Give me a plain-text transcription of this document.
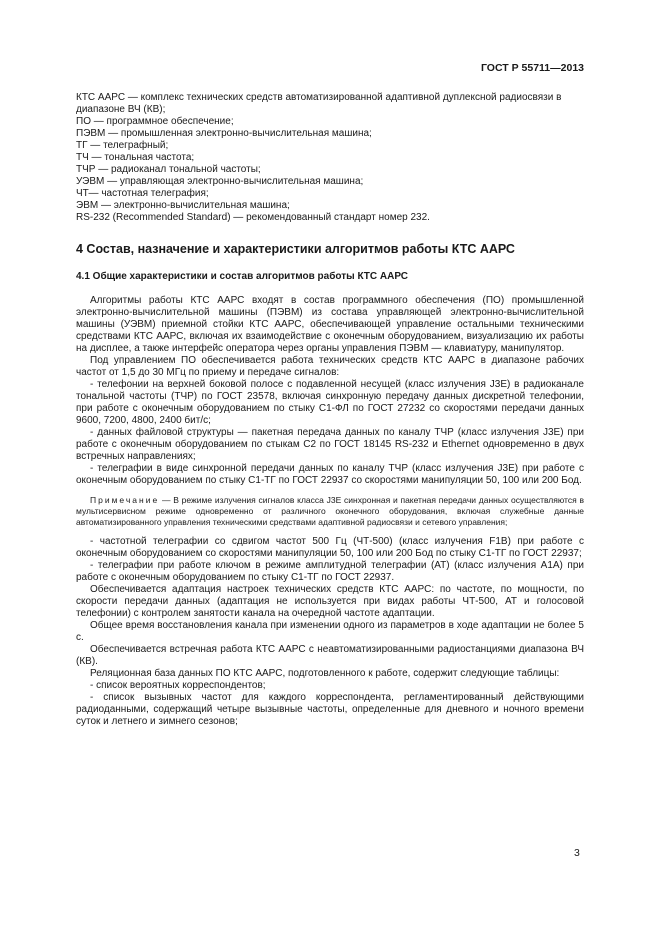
ГОСТ Р 55711—2013

КТС ААРС — комплекс технических средств автоматизированной адаптивной дуплексной радиосвязи в диапазоне ВЧ (КВ);

ПО — программное обеспечение;

ПЭВМ — промышленная электронно-вычислительная машина;

ТГ — телеграфный;

ТЧ — тональная частота;

ТЧР — радиоканал тональной частоты;

УЭВМ — управляющая электронно-вычислительная машина;

ЧТ— частотная телеграфия;

ЭВМ — электронно-вычислительная машина;

RS-232 (Recommended Standard) — рекомендованный стандарт номер 232.

4 Состав, назначение и характеристики алгоритмов работы КТС ААРС
4.1 Общие характеристики и состав алгоритмов работы КТС ААРС

Алгоритмы работы КТС ААРС входят в состав программного обеспечения (ПО) промышленной электронно-вычислительной машины (ПЭВМ) из состава управляющей электронно-вычислительной машины (УЭВМ) приемной стойки КТС ААРС, обеспечивающей управление остальными техническими средствами КТС ААРС, включая их взаимодействие с оконечным оборудованием, визуализацию их работы на дисплее, а также интерфейс оператора через органы управления ПЭВМ — клавиатуру, манипулятор.

Под управлением ПО обеспечивается работа технических средств КТС ААРС в диапазоне рабочих частот от 1,5 до 30 МГц по приему и передаче сигналов:

- телефонии на верхней боковой полосе с подавленной несущей (класс излучения J3E) в радиоканале тональной частоты (ТЧР) по ГОСТ 23578, включая синхронную передачу данных дискретной телефонии, при работе с оконечным оборудованием по стыку С1-ФЛ по ГОСТ 27232 со скоростями передачи данных 9600, 7200, 4800, 2400 бит/с;

- данных файловой структуры — пакетная передача данных по каналу ТЧР (класс излучения J3E) при работе с оконечным оборудованием по стыкам С2 по ГОСТ 18145 RS-232 и Ethernet одновременно в двух встречных направлениях;

- телеграфии в виде синхронной передачи данных по каналу ТЧР (класс излучения J3E) при работе с оконечным оборудованием по стыку С1-ТГ по ГОСТ 22937 со скоростями манипуляции 50, 100 или 200 Бод.

Примечание — В режиме излучения сигналов класса J3E синхронная и пакетная передачи данных осуществляются в мультисервисном режиме одновременно от различного оконечного оборудования, включая служебные данные автоматизированного управления техническими средствами адаптивной радиосвязи и сетевого управления;

- частотной телеграфии со сдвигом частот 500 Гц (ЧТ-500) (класс излучения F1B) при работе с оконечным оборудованием со скоростями манипуляции 50, 100 или 200 Бод по стыку С1-ТГ по ГОСТ 22937;

- телеграфии при работе ключом в режиме амплитудной телеграфии (АТ) (класс излучения А1А) при работе с оконечным оборудованием по стыку С1-ТГ по ГОСТ 22937.

Обеспечивается адаптация настроек технических средств КТС ААРС: по частоте, по мощности, по скорости передачи данных (адаптация не используется при видах работы ЧТ-500, АТ и голосовой телефонии) с контролем занятости канала на очередной частоте адаптации.

Общее время восстановления канала при изменении одного из параметров в ходе адаптации не более 5 с.

Обеспечивается встречная работа КТС ААРС с неавтоматизированными радиостанциями диапазона ВЧ (КВ).

Реляционная база данных ПО КТС ААРС, подготовленного к работе, содержит следующие таблицы:

- список вероятных корреспондентов;

- список вызывных частот для каждого корреспондента, регламентированный действующими радиоданными, содержащий четыре вызывные частоты, определенные для дневного и ночного времени суток и летнего и зимнего сезонов;

3
